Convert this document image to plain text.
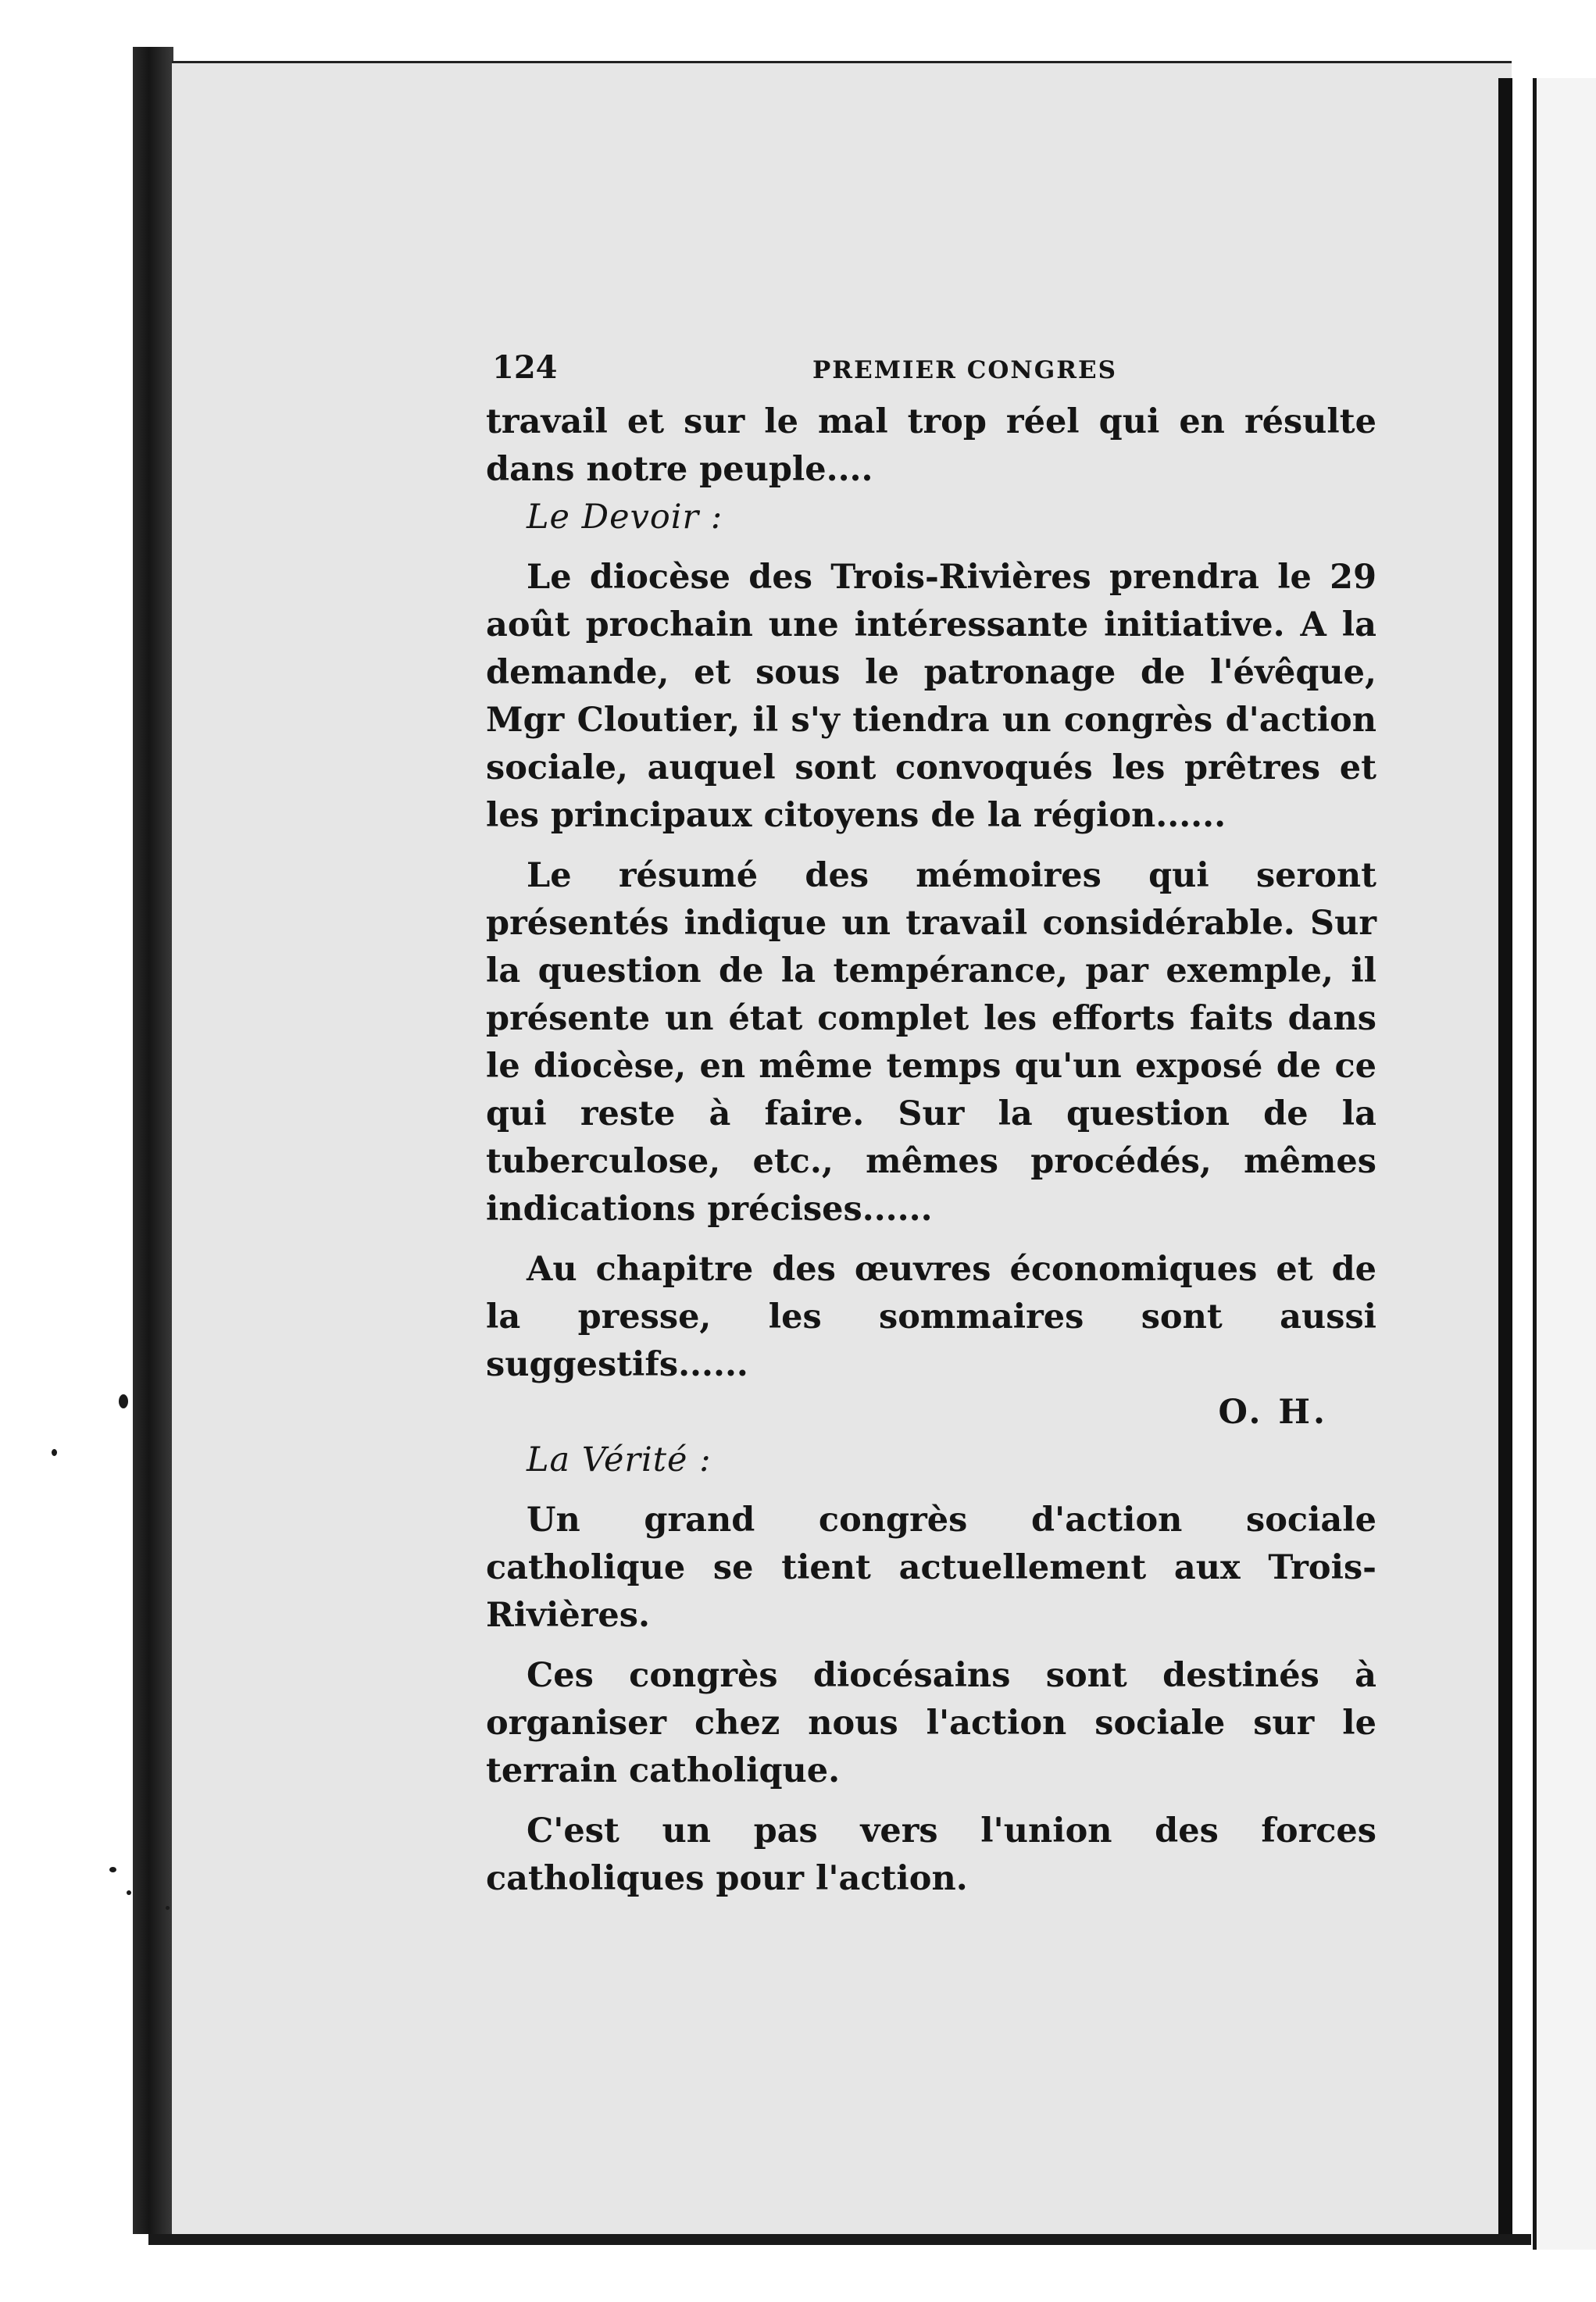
124	PREMIER CONGRES

travail et sur le mal trop réel qui en résulte dans notre peuple....

Le Devoir :

Le diocèse des Trois-Rivières prendra le 29 août prochain une intéressante initiative. A la demande, et sous le patronage de l'évêque, Mgr Cloutier, il s'y tiendra un congrès d'action sociale, auquel sont convoqués les prêtres et les principaux citoyens de la région......

Le résumé des mémoires qui seront présentés indique un travail considérable. Sur la question de la tempérance, par exemple, il présente un état complet les efforts faits dans le diocèse, en même temps qu'un exposé de ce qui reste à faire. Sur la question de la tuberculose, etc., mêmes procédés, mêmes indications précises......

Au chapitre des œuvres économiques et de la presse, les sommaires sont aussi suggestifs......

O. H.

La Vérité :

Un grand congrès d'action sociale catholique se tient actuellement aux Trois-Rivières.

Ces congrès diocésains sont destinés à organiser chez nous l'action sociale sur le terrain catholique.

C'est un pas vers l'union des forces catholiques pour l'action.
